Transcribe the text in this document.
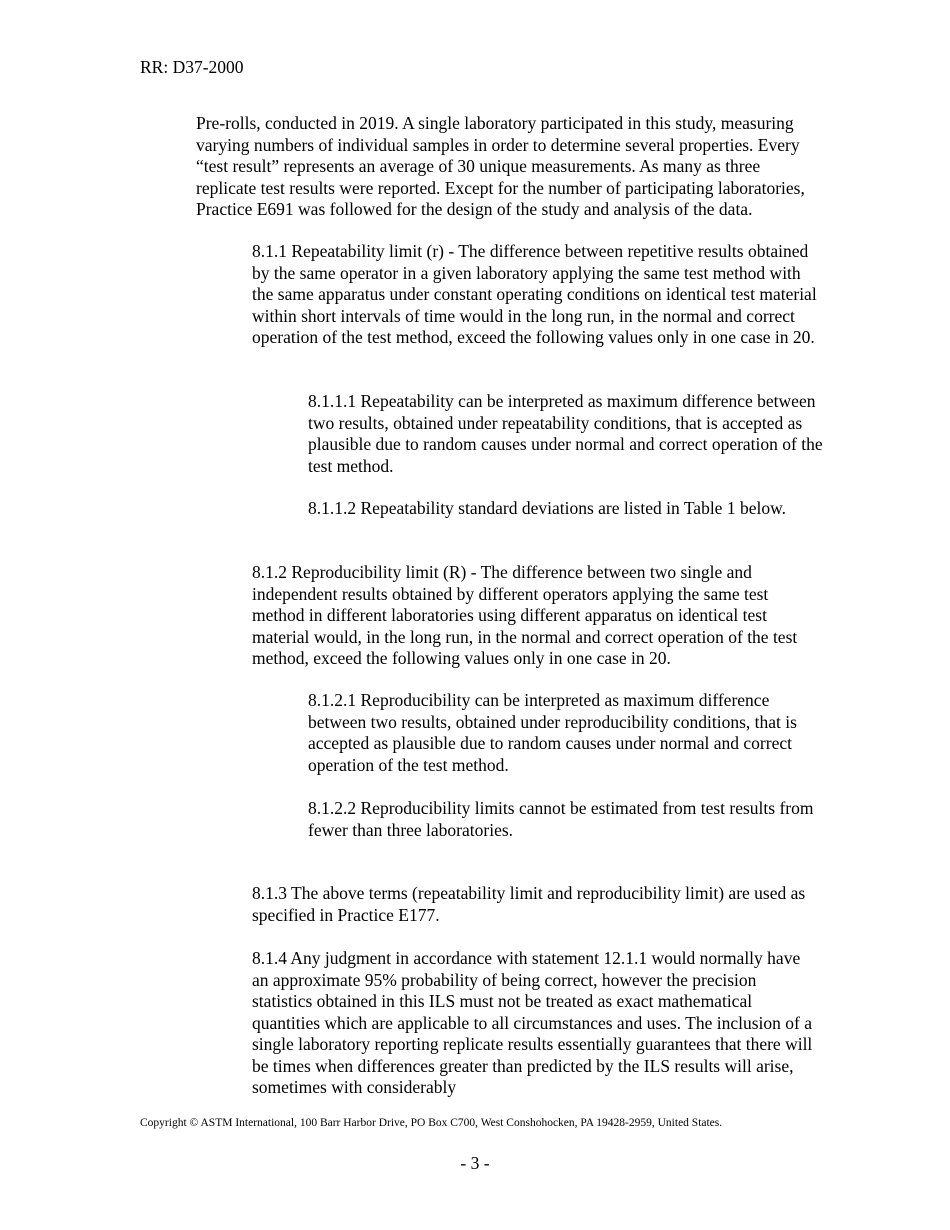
RR: D37-2000

Pre-rolls, conducted in 2019. A single laboratory participated in this study, measuring varying numbers of individual samples in order to determine several properties. Every “test result” represents an average of 30 unique measurements. As many as three replicate test results were reported. Except for the number of participating laboratories, Practice E691 was followed for the design of the study and analysis of the data.

8.1.1 Repeatability limit (r) - The difference between repetitive results obtained by the same operator in a given laboratory applying the same test method with the same apparatus under constant operating conditions on identical test material within short intervals of time would in the long run, in the normal and correct operation of the test method, exceed the following values only in one case in 20.

8.1.1.1 Repeatability can be interpreted as maximum difference between two results, obtained under repeatability conditions, that is accepted as plausible due to random causes under normal and correct operation of the test method.

8.1.1.2 Repeatability standard deviations are listed in Table 1 below.

8.1.2 Reproducibility limit (R) - The difference between two single and independent results obtained by different operators applying the same test method in different laboratories using different apparatus on identical test material would, in the long run, in the normal and correct operation of the test method, exceed the following values only in one case in 20.

8.1.2.1 Reproducibility can be interpreted as maximum difference between two results, obtained under reproducibility conditions, that is accepted as plausible due to random causes under normal and correct operation of the test method.

8.1.2.2 Reproducibility limits cannot be estimated from test results from fewer than three laboratories.

8.1.3 The above terms (repeatability limit and reproducibility limit) are used as specified in Practice E177.

8.1.4 Any judgment in accordance with statement 12.1.1 would normally have an approximate 95% probability of being correct, however the precision statistics obtained in this ILS must not be treated as exact mathematical quantities which are applicable to all circumstances and uses. The inclusion of a single laboratory reporting replicate results essentially guarantees that there will be times when differences greater than predicted by the ILS results will arise, sometimes with considerably

Copyright © ASTM International, 100 Barr Harbor Drive, PO Box C700, West Conshohocken, PA 19428-2959, United States.

- 3 -
